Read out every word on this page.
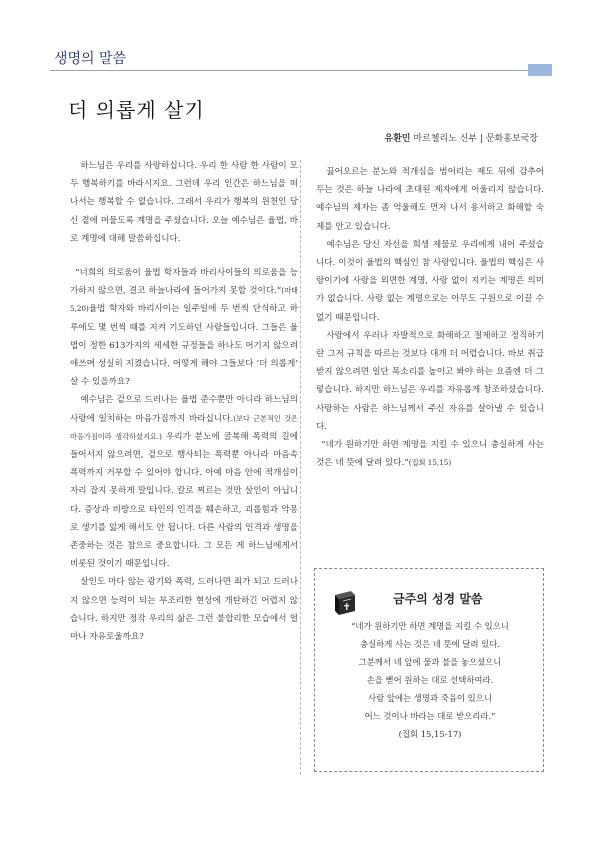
생명의 말씀
더 의롭게 살기
유환민 마르첼리노 신부 | 문화홍보국장

하느님은 우리를 사랑하십니다. 우리 한 사람 한 사람이 모두 행복하기를 바라시지요. 그런데 우리 인간은 하느님을 떠나서는 행복할 수 없습니다. 그래서 우리가 행복의 원천인 당신 곁에 머물도록 계명을 주셨습니다. 오늘 예수님은 율법, 바로 계명에 대해 말씀하십니다.

“너희의 의로움이 율법 학자들과 바리사이들의 의로움을 능가하지 않으면, 결코 하늘나라에 들어가지 못할 것이다.”(마태 5,20)율법 학자와 바리사이는 일주일에 두 번씩 단식하고 하루에도 몇 번씩 때를 지켜 기도하던 사람들입니다. 그들은 율법이 정한 613가지의 세세한 규정들을 하나도 어기지 않으려 애쓰며 성실히 지켰습니다. 어떻게 해야 그들보다 ‘더 의롭게’ 살 수 있을까요?

예수님은 겉으로 드러나는 율법 준수뿐만 아니라 하느님의 사랑에 일치하는 마음가짐까지 바라십니다.(보다 근본적인 것은 마음가짐이라 생각하셨지요.) 우리가 분노에 굴복해 폭력의 길에 들어서지 않으려면, 겉으로 행사되는 폭력뿐 아니라 마음속 폭력까지 거부할 수 있어야 합니다. 아예 마음 안에 적개심이 자리 잡지 못하게 말입니다. 칼로 찌르는 것만 살인이 아닙니다. 증상과 비방으로 타인의 인격을 훼손하고, 괴롭힘과 악몽로 생기를 잃게 해서도 안 됩니다. 다른 사람의 인격과 생명을 존중하는 것은 참으로 중요합니다. 그 모든 게 하느님에게서 비롯된 것이기 때문입니다.

살인도 마다 않는 광기와 폭력, 드러나면 죄가 되고 드러나지 않으면 능력이 되는 부조리한 현상에 개탄하긴 어렵지 않습니다. 하지만 정작 우리의 삶은 그런 불합리한 모습에서 얼마나 자유로울까요?

끓어오르는 분노와 적개심을 범어리는 제도 뒤에 감추어 두는 것은 하늘 나라에 초대된 제자에게 어울리지 않습니다. 예수님의 제자는 좀 억울해도 먼저 나서 용서하고 화해할 숙제를 안고 있습니다.

예수님은 당신 자신을 희생 제물로 우리에게 내어 주셨습니다. 이것이 율법의 핵심인 참 사랑입니다. 율법의 핵심은 사랑이기에 사랑을 외면한 계명, 사랑 없이 지키는 계명은 의미가 없습니다. 사랑 없는 계명으로는 아무도 구원으로 이끌 수 없기 때문입니다.

사랑에서 우러나 자발적으로 화해하고 절제하고 정직하기란 그저 규칙을 따르는 것보다 대개 더 어렵습니다. 바보 취급받지 않으려면 일단 목소리를 높이고 봐야 하는 요즘엔 더 그렇습니다. 하지만 하느님은 우리를 자유롭게 창조하셨습니다. 사랑하는 사람은 하느님께서 주신 자유를 살아낼 수 있습니다.

“네가 원하기만 하면 계명을 지킬 수 있으니 충실하게 사는 것은 네 뜻에 달려 있다.”(집회 15,15)

금주의 성경 말씀
“네가 원하기만 하면 계명을 지킬 수 있으니
충실하게 사는 것은 네 뜻에 달려 있다.
그분께서 네 앞에 물과 불을 놓으셨으니
손을 뻗어 원하는 대로 선택하여라.
사람 앞에는 생명과 죽음이 있으니
어느 것이나 바라는 대로 받으리라.”
(집회 15,15-17)
